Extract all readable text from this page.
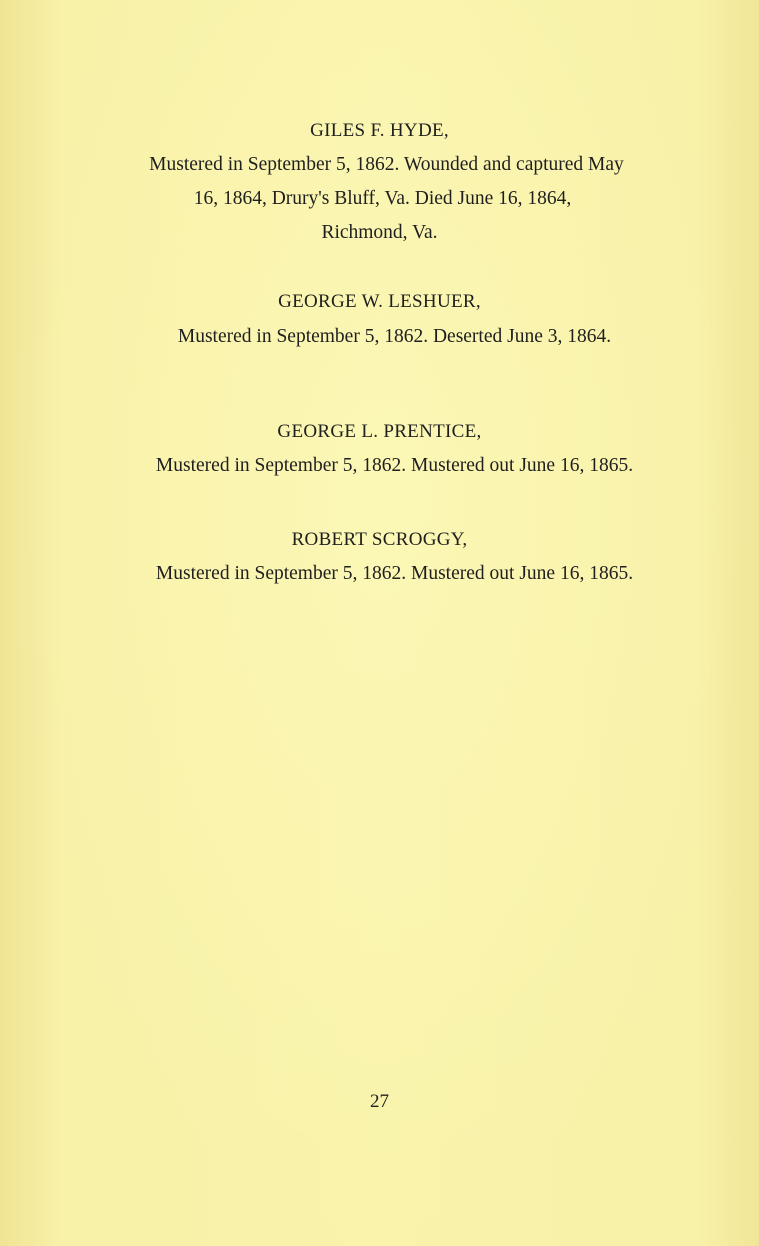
GILES F. HYDE,
Mustered in September 5, 1862. Wounded and captured May
16, 1864, Drury's Bluff, Va. Died June 16, 1864,
Richmond, Va.
GEORGE W. LESHUER,
Mustered in September 5, 1862. Deserted June 3, 1864.
GEORGE L. PRENTICE,
Mustered in September 5, 1862. Mustered out June 16, 1865.
ROBERT SCROGGY,
Mustered in September 5, 1862. Mustered out June 16, 1865.
27
